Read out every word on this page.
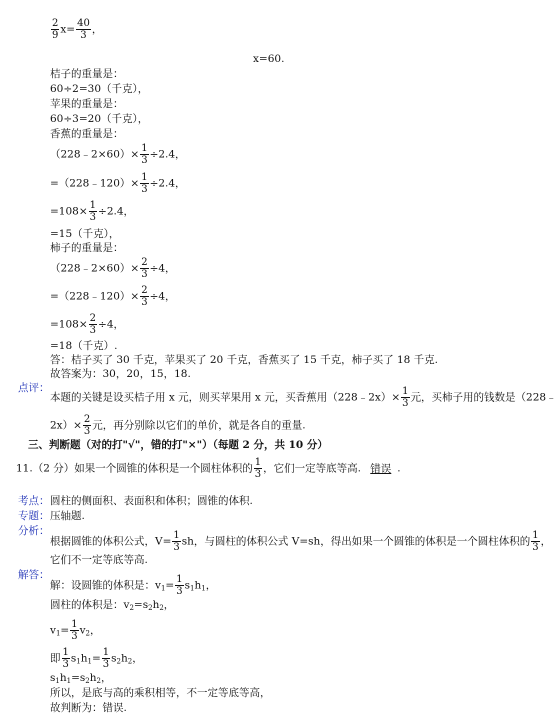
$\frac{2}{9} x= \frac{40}{3}$ ，
x=60.
桔子的重量是：
60÷2=30（千克），
苹果的重量是：
60÷3=20（千克），
香蕉的重量是：
（228﹣2×60）× $\frac{1}{3} \div 2.4$，
=（228﹣120）× $\frac{1}{3} \div 2.4$，
$=108\times \frac{1}{3} \div 2.4$，
=15（千克），
柿子的重量是：
（228﹣2×60）× $\frac{2}{3} \div 4$，
=（228﹣120）× $\frac{2}{3} \div 4$，
$=108\times \frac{2}{3} \div 4$，
=18（千克）.
答：桔子买了 30 千克，苹果买了 20 千克，香蕉买了 15 千克，柿子买了 18 千克.
故答案为：30，20，15，18.
点评：
本题的关键是设买桔子用 x 元，则买苹果用 x 元，买香蕉用（228﹣2x）× $\frac{1}{3}$ 元，买柿子用的钱数是（228﹣
$2x)\times \frac{2}{3}$ 元，再分别除以它们的单价，就是各自的重量.
三、判断题（对的打"√"，错的打"×"）（每题 2 分，共 10 分）
11.（2 分）如果一个圆锥的体积是一个圆柱体积的 $\frac{1}{3}$ ，它们一定等底等高. 错误 .
考点： 圆柱的侧面积、表面积和体积；圆锥的体积.
专题： 压轴题.
分析：
根据圆锥的体积公式，$V= \frac{1}{3}$ sh，与圆柱的体积公式 V=sh，得出如果一个圆锥的体积是一个圆柱体积的 $\frac{1}{3}$ ，
它们不一定等底等高.
解答：
解：设圆锥的体积是：$v_1= \frac{1}{3} s_1h_1$，
圆柱的体积是：$v_2=s_2h_2$，
$v_1= \frac{1}{3} v_2$，
即 $\frac{1}{3} s_1h_1= \frac{1}{3} s_2h_2$，
$s_1h_1=s_2h_2$，
所以，是底与高的乘积相等，不一定等底等高，
故判断为：错误.
